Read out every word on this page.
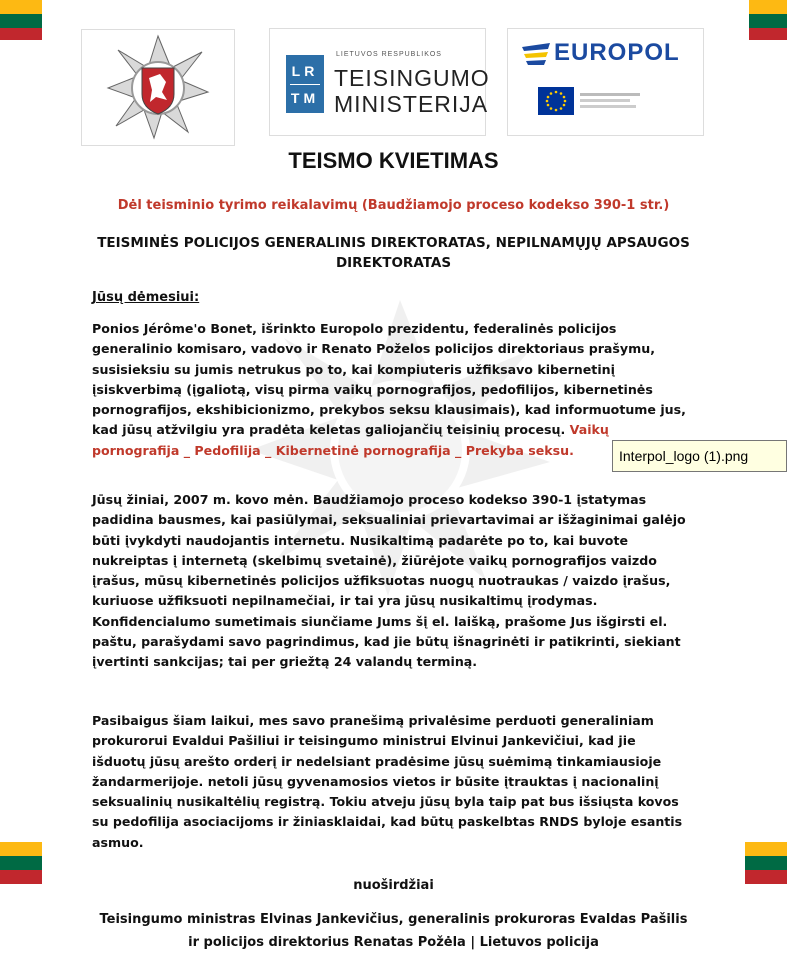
LR
TM
LIETUVOS RESPUBLIKOS
TEISINGUMO
MINISTERIJA
EUROPOL
TEISMO KVIETIMAS
Dėl teisminio tyrimo reikalavimų (Baudžiamojo proceso kodekso 390-1 str.)
TEISMINĖS POLICIJOS GENERALINIS DIREKTORATAS, NEPILNAMŲJŲ APSAUGOS DIREKTORATAS
Jūsų dėmesiui:
Ponios Jérôme'o Bonet, išrinkto Europolo prezidentu, federalinės policijos generalinio komisaro, vadovo ir Renato Poželos policijos direktoriaus prašymu, susisieksiu su jumis netrukus po to, kai kompiuteris užfiksavo kibernetinį įsiskverbimą (įgaliotą, visų pirma vaikų pornografijos, pedofilijos, kibernetinės pornografijos, ekshibicionizmo, prekybos seksu klausimais), kad informuotume jus, kad jūsų atžvilgiu yra pradėta keletas galiojančių teisinių procesų. Vaikų
pornografija _ Pedofilija _ Kibernetinė pornografija _ Prekyba seksu.
Jūsų žiniai, 2007 m. kovo mėn. Baudžiamojo proceso kodekso 390-1 įstatymas padidina bausmes, kai pasiūlymai, seksualiniai prievartavimai ar išžaginimai galėjo būti įvykdyti naudojantis internetu. Nusikaltimą padarėte po to, kai buvote nukreiptas į internetą (skelbimų svetainė), žiūrėjote vaikų pornografijos vaizdo įrašus, mūsų kibernetinės policijos užfiksuotas nuogų nuotraukas / vaizdo įrašus, kuriuose užfiksuoti nepilnamečiai, ir tai yra jūsų nusikaltimų įrodymas. Konfidencialumo sumetimais siunčiame Jums šį el. laišką, prašome Jus išgirsti el. paštu, parašydami savo pagrindimus, kad jie būtų išnagrinėti ir patikrinti, siekiant įvertinti sankcijas; tai per griežtą 24 valandų terminą.
Pasibaigus šiam laikui, mes savo pranešimą privalėsime perduoti generaliniam prokurorui Evaldui Pašiliui ir teisingumo ministrui Elvinui Jankevičiui, kad jie išduotų jūsų arešto orderį ir nedelsiant pradėsime jūsų suėmimą tinkamiausioje žandarmerijoje. netoli jūsų gyvenamosios vietos ir būsite įtrauktas į nacionalinį seksualinių nusikaltėlių registrą. Tokiu atveju jūsų byla taip pat bus išsiųsta kovos su pedofilija asociacijoms ir žiniasklaidai, kad būtų paskelbtas RNDS byloje esantis asmuo.
nuoširdžiai
Teisingumo ministras Elvinas Jankevičius, generalinis prokuroras Evaldas Pašilis
ir policijos direktorius Renatas Požėla | Lietuvos policija
Interpol_logo (1).png
